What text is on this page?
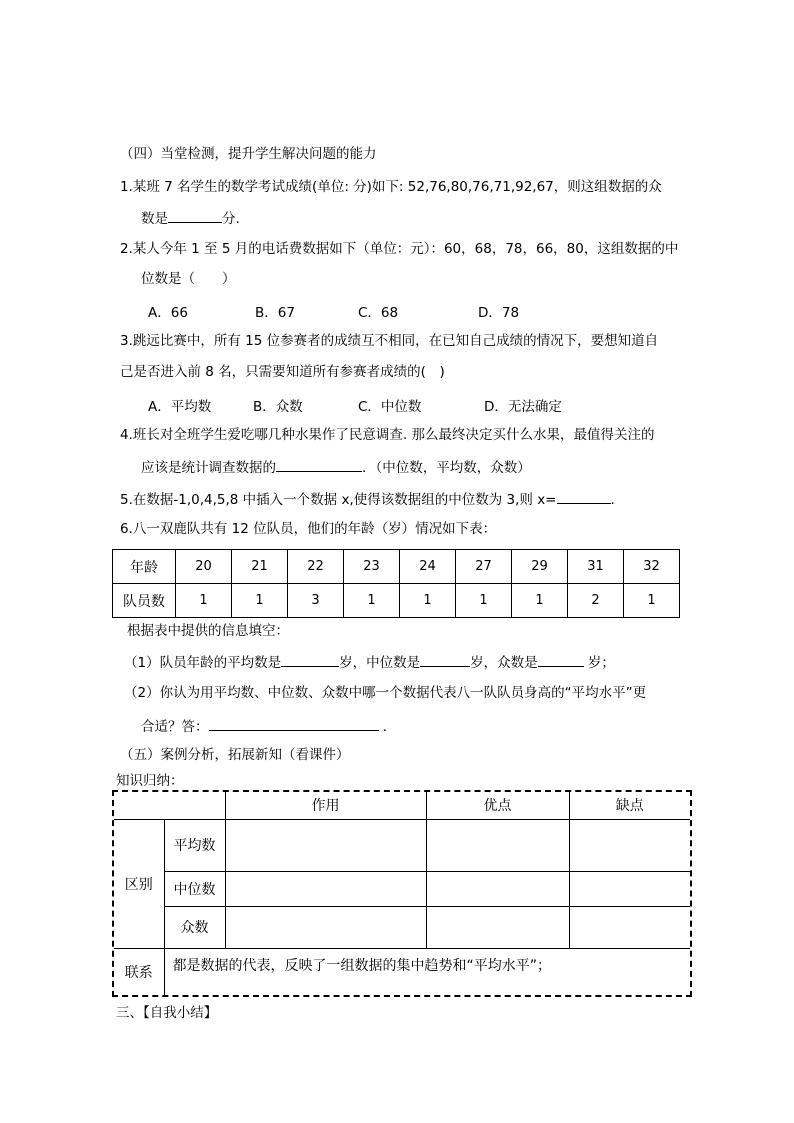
（四）当堂检测，提升学生解决问题的能力
1.某班 7 名学生的数学考试成绩(单位: 分)如下: 52,76,80,76,71,92,67，则这组数据的众
数是	分.
2.某人今年 1 至 5 月的电话费数据如下（单位：元）：60，68，78，66，80，这组数据的中
位数是（　　）
A．66	B．67	C．68	D．78
3.跳远比赛中，所有 15 位参赛者的成绩互不相同，在已知自己成绩的情况下，要想知道自
己是否进入前 8 名，只需要知道所有参赛者成绩的(　)
A．平均数	B．众数	C．中位数	D．无法确定
4.班长对全班学生爱吃哪几种水果作了民意调查. 那么最终决定买什么水果，最值得关注的
应该是统计调查数据的	．（中位数，平均数，众数）
5.在数据-1,0,4,5,8 中插入一个数据 x,使得该数据组的中位数为 3,则 x=	.
6.八一双鹿队共有 12 位队员，他们的年龄（岁）情况如下表：
年龄	20	21	22	23	24	27	29	31	32
队员数	1	1	3	1	1	1	1	2	1
根据表中提供的信息填空：
（1）队员年龄的平均数是	岁，中位数是	岁，众数是	岁；
（2）你认为用平均数、中位数、众数中哪一个数据代表八一队队员身高的“平均水平”更
合适？答：	.
（五）案例分析，拓展新知（看课件）
知识归纳：
		作用	优点	缺点
区别	平均数			
	中位数			
	众数			
联系	都是数据的代表，反映了一组数据的集中趋势和“平均水平”；			
三、【自我小结】
